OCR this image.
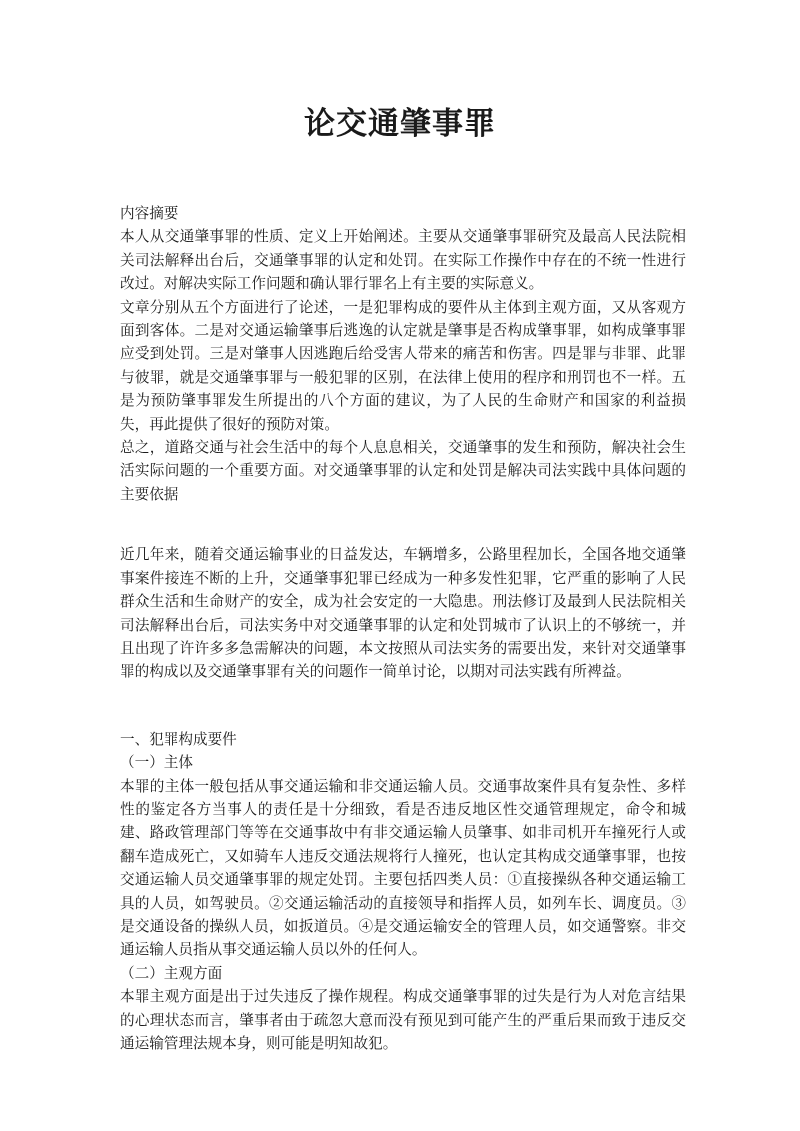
论交通肇事罪

内容摘要

本人从交通肇事罪的性质、定义上开始阐述。主要从交通肇事罪研究及最高人民法院相关司法解释出台后，交通肇事罪的认定和处罚。在实际工作操作中存在的不统一性进行改过。对解决实际工作问题和确认罪行罪名上有主要的实际意义。

文章分别从五个方面进行了论述，一是犯罪构成的要件从主体到主观方面，又从客观方面到客体。二是对交通运输肇事后逃逸的认定就是肇事是否构成肇事罪，如构成肇事罪应受到处罚。三是对肇事人因逃跑后给受害人带来的痛苦和伤害。四是罪与非罪、此罪与彼罪，就是交通肇事罪与一般犯罪的区别，在法律上使用的程序和刑罚也不一样。五是为预防肇事罪发生所提出的八个方面的建议，为了人民的生命财产和国家的利益损失，再此提供了很好的预防对策。

总之，道路交通与社会生活中的每个人息息相关，交通肇事的发生和预防，解决社会生活实际问题的一个重要方面。对交通肇事罪的认定和处罚是解决司法实践中具体问题的主要依据

近几年来，随着交通运输事业的日益发达，车辆增多，公路里程加长，全国各地交通肇事案件接连不断的上升，交通肇事犯罪已经成为一种多发性犯罪，它严重的影响了人民群众生活和生命财产的安全，成为社会安定的一大隐患。刑法修订及最到人民法院相关司法解释出台后，司法实务中对交通肇事罪的认定和处罚城市了认识上的不够统一，并且出现了许许多多急需解决的问题，本文按照从司法实务的需要出发，来针对交通肇事罪的构成以及交通肇事罪有关的问题作一简单讨论，以期对司法实践有所裨益。

一、犯罪构成要件

（一）主体

本罪的主体一般包括从事交通运输和非交通运输人员。交通事故案件具有复杂性、多样性的鉴定各方当事人的责任是十分细致，看是否违反地区性交通管理规定，命令和城建、路政管理部门等等在交通事故中有非交通运输人员肇事、如非司机开车撞死行人或翻车造成死亡，又如骑车人违反交通法规将行人撞死，也认定其构成交通肇事罪，也按交通运输人员交通肇事罪的规定处罚。主要包括四类人员：①直接操纵各种交通运输工具的人员，如驾驶员。②交通运输活动的直接领导和指挥人员，如列车长、调度员。③是交通设备的操纵人员，如扳道员。④是交通运输安全的管理人员，如交通警察。非交通运输人员指从事交通运输人员以外的任何人。

（二）主观方面

本罪主观方面是出于过失违反了操作规程。构成交通肇事罪的过失是行为人对危言结果的心理状态而言，肇事者由于疏忽大意而没有预见到可能产生的严重后果而致于违反交通运输管理法规本身，则可能是明知故犯。
